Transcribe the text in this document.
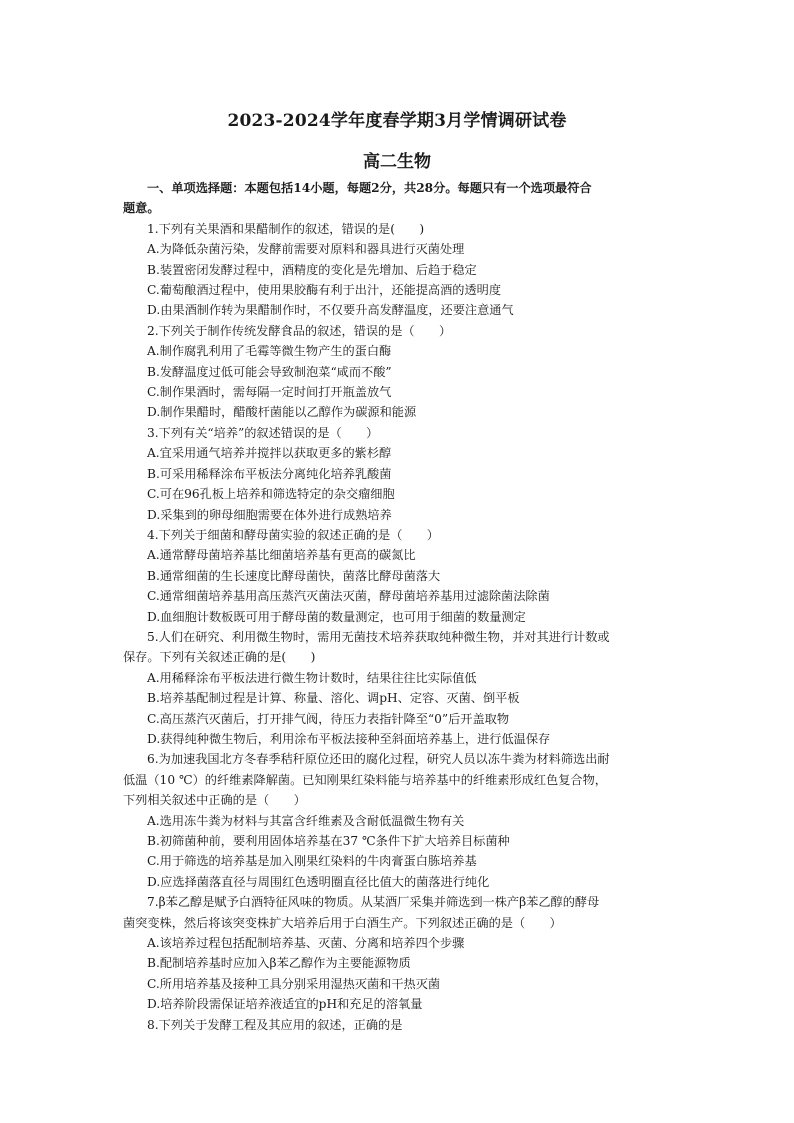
2023-2024学年度春学期3月学情调研试卷
高二生物
一、单项选择题：本题包括14小题，每题2分，共28分。每题只有一个选项最符合
题意。
1.下列有关果酒和果醋制作的叙述，错误的是(　　)
A.为降低杂菌污染，发酵前需要对原料和器具进行灭菌处理
B.装置密闭发酵过程中，酒精度的变化是先增加、后趋于稳定
C.葡萄酿酒过程中，使用果胶酶有利于出汁，还能提高酒的透明度
D.由果酒制作转为果醋制作时，不仅要升高发酵温度，还要注意通气
2.下列关于制作传统发酵食品的叙述，错误的是（　　）
A.制作腐乳利用了毛霉等微生物产生的蛋白酶
B.发酵温度过低可能会导致制泡菜“咸而不酸”
C.制作果酒时，需每隔一定时间打开瓶盖放气
D.制作果醋时，醋酸杆菌能以乙醇作为碳源和能源
3.下列有关“培养”的叙述错误的是（　　）
A.宜采用通气培养并搅拌以获取更多的紫杉醇
B.可采用稀释涂布平板法分离纯化培养乳酸菌
C.可在96孔板上培养和筛选特定的杂交瘤细胞
D.采集到的卵母细胞需要在体外进行成熟培养
4.下列关于细菌和酵母菌实验的叙述正确的是（　　）
A.通常酵母菌培养基比细菌培养基有更高的碳氮比
B.通常细菌的生长速度比酵母菌快，菌落比酵母菌落大
C.通常细菌培养基用高压蒸汽灭菌法灭菌，酵母菌培养基用过滤除菌法除菌
D.血细胞计数板既可用于酵母菌的数量测定，也可用于细菌的数量测定
5.人们在研究、利用微生物时，需用无菌技术培养获取纯种微生物，并对其进行计数或
保存。下列有关叙述正确的是(　　)
A.用稀释涂布平板法进行微生物计数时，结果往往比实际值低
B.培养基配制过程是计算、称量、溶化、调pH、定容、灭菌、倒平板
C.高压蒸汽灭菌后，打开排气阀，待压力表指针降至“0”后开盖取物
D.获得纯种微生物后，利用涂布平板法接种至斜面培养基上，进行低温保存
6.为加速我国北方冬春季秸秆原位还田的腐化过程，研究人员以冻牛粪为材料筛选出耐
低温（10 ℃）的纤维素降解菌。已知刚果红染料能与培养基中的纤维素形成红色复合物，
下列相关叙述中正确的是（　　）
A.选用冻牛粪为材料与其富含纤维素及含耐低温微生物有关
B.初筛菌种前，要利用固体培养基在37 ℃条件下扩大培养目标菌种
C.用于筛选的培养基是加入刚果红染料的牛肉膏蛋白胨培养基
D.应选择菌落直径与周围红色透明圈直径比值大的菌落进行纯化
7.β苯乙醇是赋予白酒特征风味的物质。从某酒厂采集并筛选到一株产β苯乙醇的酵母
菌突变株，然后将该突变株扩大培养后用于白酒生产。下列叙述正确的是（　　）
A.该培养过程包括配制培养基、灭菌、分离和培养四个步骤
B.配制培养基时应加入β苯乙醇作为主要能源物质
C.所用培养基及接种工具分别采用湿热灭菌和干热灭菌
D.培养阶段需保证培养液适宜的pH和充足的溶氧量
8.下列关于发酵工程及其应用的叙述，正确的是
